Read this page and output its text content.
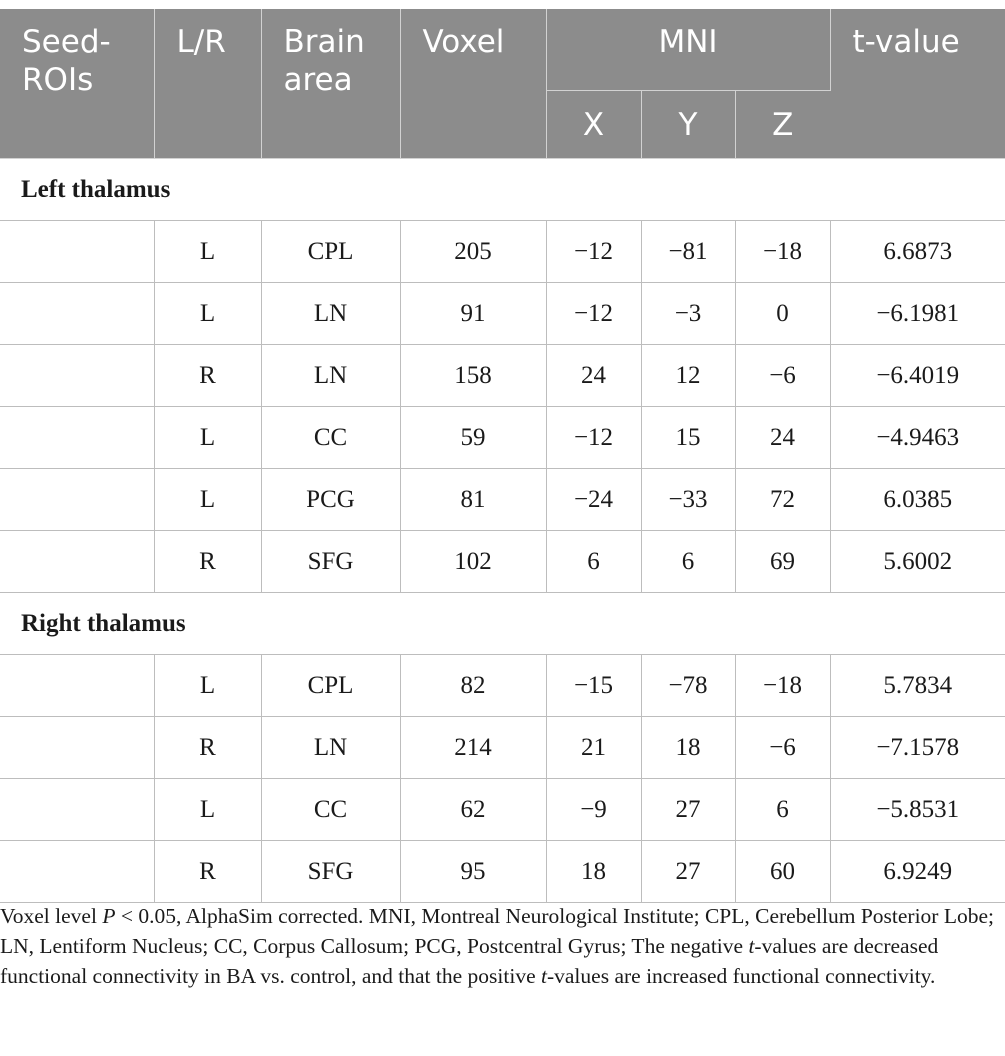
Seed-ROIs	L/R	Brain area	Voxel	MNI			t-value
				X	Y	Z	
Left thalamus							
	L	CPL	205	−12	−81	−18	6.6873
	L	LN	91	−12	−3	0	−6.1981
	R	LN	158	24	12	−6	−6.4019
	L	CC	59	−12	15	24	−4.9463
	L	PCG	81	−24	−33	72	6.0385
	R	SFG	102	6	6	69	5.6002
Right thalamus							
	L	CPL	82	−15	−78	−18	5.7834
	R	LN	214	21	18	−6	−7.1578
	L	CC	62	−9	27	6	−5.8531
	R	SFG	95	18	27	60	6.9249

Voxel level P < 0.05, AlphaSim corrected. MNI, Montreal Neurological Institute; CPL, Cerebellum Posterior Lobe; LN, Lentiform Nucleus; CC, Corpus Callosum; PCG, Postcentral Gyrus; The negative t-values are decreased functional connectivity in BA vs. control, and that the positive t-values are increased functional connectivity.
